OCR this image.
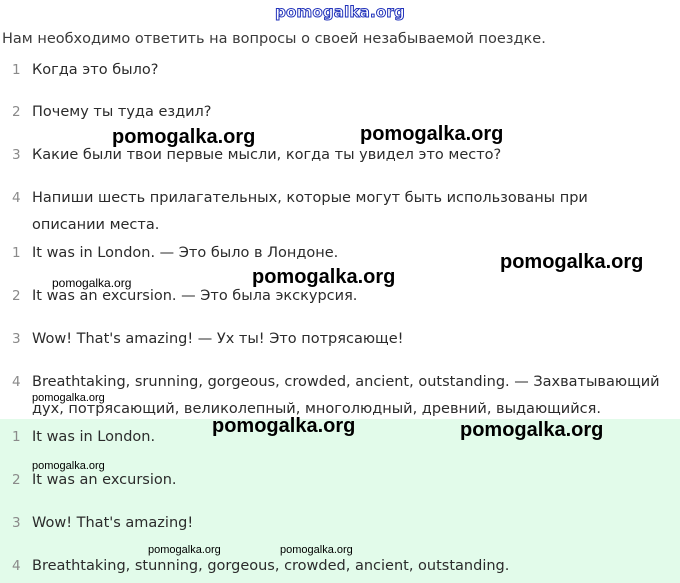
pomogalka.org
Нам необходимо ответить на вопросы о своей незабываемой поездке.
1 Когда это было?
2 Почему ты туда ездил?
3 Какие были твои первые мысли, когда ты увидел это место?
4 Напиши шесть прилагательных, которые могут быть использованы при описании места.
1 It was in London. — Это было в Лондоне.
2 It was an excursion. — Это была экскурсия.
3 Wow! That's amazing! — Ух ты! Это потрясающе!
4 Breathtaking, srunning, gorgeous, crowded, ancient, outstanding. — Захватывающий дух, потрясающий, великолепный, многолюдный, древний, выдающийся.
1 It was in London.
2 It was an excursion.
3 Wow! That's amazing!
4 Breathtaking, stunning, gorgeous, crowded, ancient, outstanding.
pomogalka.org	pomogalka.org
pomogalka.org	pomogalka.org
pomogalka.org
pomogalka.org
pomogalka.org	pomogalka.org
pomogalka.org
pomogalka.org	pomogalka.org
